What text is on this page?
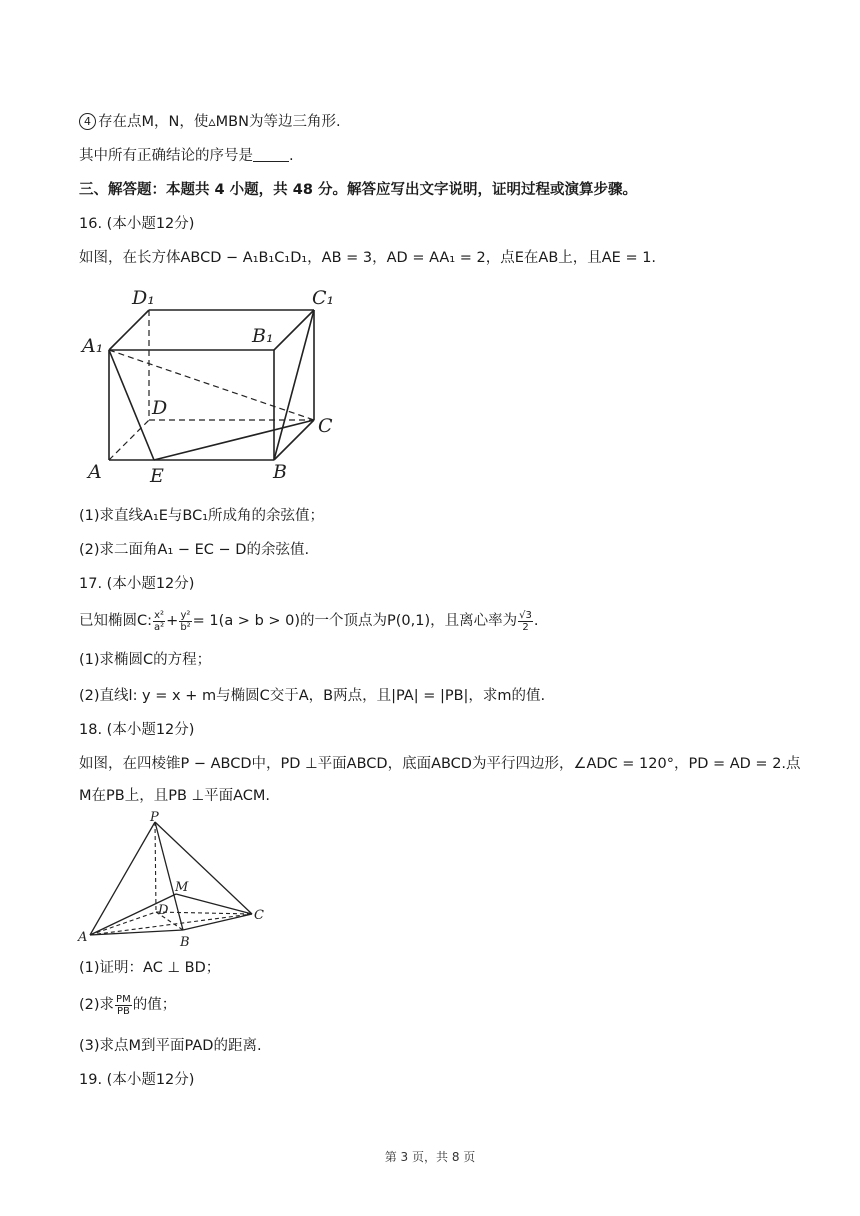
4 存在点M，N，使▵MBN为等边三角形.
其中所有正确结论的序号是 .
三、解答题：本题共 4 小题，共 48 分。解答应写出文字说明，证明过程或演算步骤。
16. (本小题12分)
如图，在长方体ABCD − A₁B₁C₁D₁，AB = 3，AD = AA₁ = 2，点E在AB上，且AE = 1.
D₁	C₁
A₁	B₁
D
C
A	E	B
(1)求直线A₁E与BC₁所成角的余弦值；
(2)求二面角A₁ − EC − D的余弦值.
17. (本小题12分)
已知椭圆C: $\frac{\text{x²}}{\text{a²}} + \frac{\text{y²}}{\text{b²}} = 1(a > b > 0)$的一个顶点为P(0,1)，且离心率为 $\frac{√3}{2}$ .
(1)求椭圆C的方程；
(2)直线l: y = x + m与椭圆C交于A，B两点，且|PA| = |PB|，求m的值.
18. (本小题12分)
如图，在四棱锥P − ABCD中，PD ⊥平面ABCD，底面ABCD为平行四边形，∠ADC = 120°，PD = AD = 2.点
M在PB上，且PB ⊥平面ACM.
P
M
D	C
A	B
(1)证明：AC ⊥ BD；
(2)求 $\frac{PM}{PB}$ 的值；
(3)求点M到平面PAD的距离.
19. (本小题12分)
第 3 页，共 8 页
